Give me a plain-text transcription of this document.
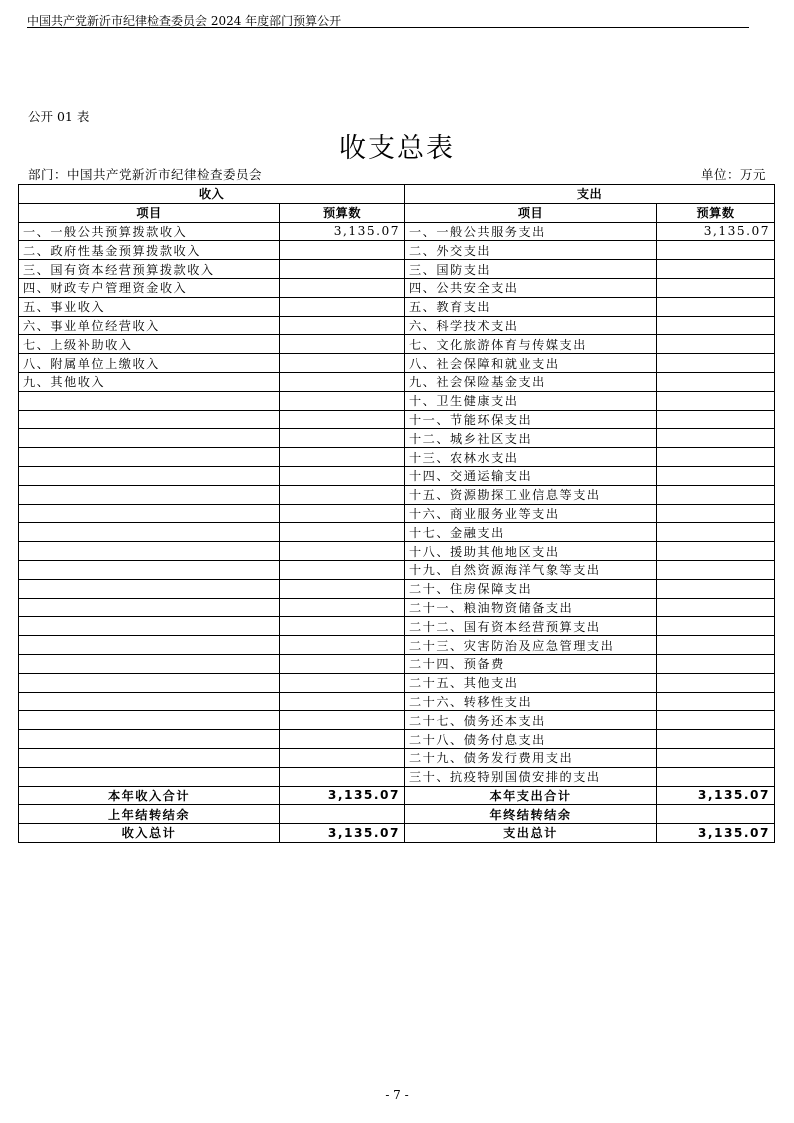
中国共产党新沂市纪律检查委员会 2024 年度部门预算公开
公开 01 表
收支总表
部门：中国共产党新沂市纪律检查委员会	单位：万元
收入		支出	
项目	预算数	项目	预算数
一、一般公共预算拨款收入	3,135.07	一、一般公共服务支出	3,135.07
二、政府性基金预算拨款收入		二、外交支出	
三、国有资本经营预算拨款收入		三、国防支出	
四、财政专户管理资金收入		四、公共安全支出	
五、事业收入		五、教育支出	
六、事业单位经营收入		六、科学技术支出	
七、上级补助收入		七、文化旅游体育与传媒支出	
八、附属单位上缴收入		八、社会保障和就业支出	
九、其他收入		九、社会保险基金支出	
		十、卫生健康支出	
		十一、节能环保支出	
		十二、城乡社区支出	
		十三、农林水支出	
		十四、交通运输支出	
		十五、资源勘探工业信息等支出	
		十六、商业服务业等支出	
		十七、金融支出	
		十八、援助其他地区支出	
		十九、自然资源海洋气象等支出	
		二十、住房保障支出	
		二十一、粮油物资储备支出	
		二十二、国有资本经营预算支出	
		二十三、灾害防治及应急管理支出	
		二十四、预备费	
		二十五、其他支出	
		二十六、转移性支出	
		二十七、债务还本支出	
		二十八、债务付息支出	
		二十九、债务发行费用支出	
		三十、抗疫特别国债安排的支出	
本年收入合计	3,135.07	本年支出合计	3,135.07
上年结转结余		年终结转结余	
收入总计	3,135.07	支出总计	3,135.07
- 7 -
